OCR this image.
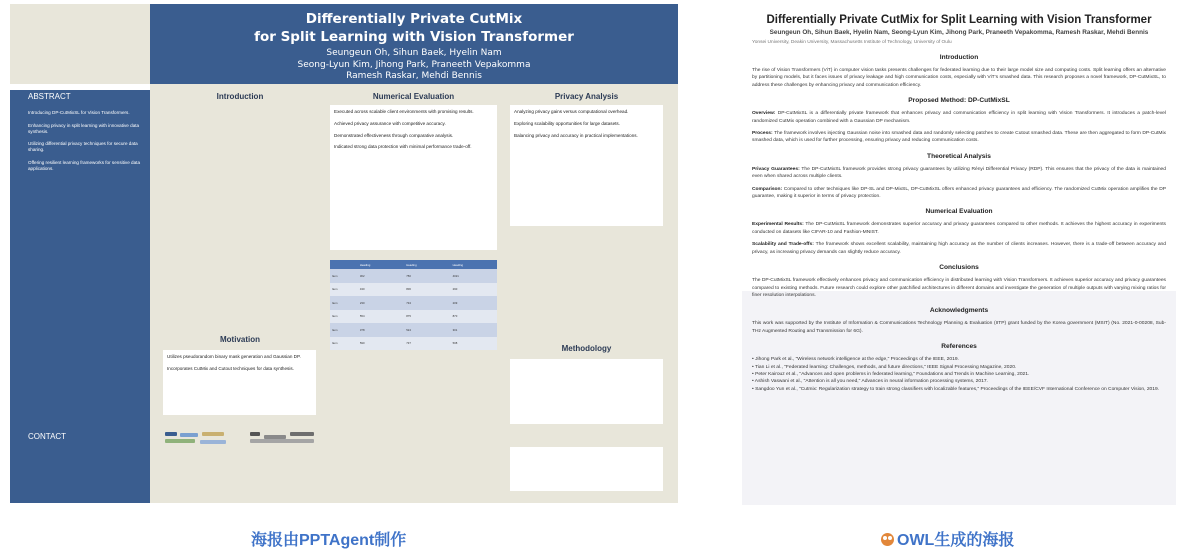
Differentially Private CutMix
for Split Learning with Vision Transformer
Seungeun Oh, Sihun Baek, Hyelin Nam
Seong-Lyun Kim, Jihong Park, Praneeth Vepakomma
Ramesh Raskar, Mehdi Bennis
ABSTRACT
Introducing DP-CutMixSL for Vision Transformers.
Enhancing privacy in split learning with innovative data synthesis.
Utilizing differential privacy techniques for secure data sharing.
Offering resilient learning frameworks for sensitive data applications.
CONTACT
Introduction	Numerical Evaluation	Privacy Analysis
Motivation
Methodology

Executed across scalable client environments with promising results.

Achieved privacy assurance with competitive accuracy.

Demonstrated effectiveness through comparative analysis.

Indicated strong data protection with minimal performance trade-off.

Analyzing privacy gains versus computational overhead.

Exploring scalability opportunities for large datasets.

Balancing privacy and accuracy in practical implementations.

	Heading	Heading	Heading
Item	302	750	4021
Item	430	806	290
Item	230	734	209
Item	554	875	870
Item	378	524	301
Item	590	737	508

Utilizes pseudorandom binary mask generation and Gaussian DP.

Incorporates CutMix and Cutout techniques for data synthesis.

Differentially Private CutMix for Split Learning with Vision Transformer
Seungeun Oh, Sihun Baek, Hyelin Nam, Seong-Lyun Kim, Jihong Park, Praneeth Vepakomma, Ramesh Raskar, Mehdi Bennis
Yonsei University, Deakin University, Massachusetts Institute of Technology, University of Oulu
Introduction

The rise of Vision Transformers (ViT) in computer vision tasks presents challenges for federated learning due to their large model size and computing costs. Split learning offers an alternative by partitioning models, but it faces issues of privacy leakage and high communication costs, especially with ViT's smashed data. This research proposes a novel framework, DP-CutMixSL, to address these challenges by enhancing privacy and communication efficiency.

Proposed Method: DP-CutMixSL

Overview: DP-CutMixSL is a differentially private framework that enhances privacy and communication efficiency in split learning with Vision Transformers. It introduces a patch-level randomized CutMix operation combined with a Gaussian DP mechanism.

Process: The framework involves injecting Gaussian noise into smashed data and randomly selecting patches to create Cutout smashed data. These are then aggregated to form DP-CutMix smashed data, which is used for further processing, ensuring privacy and reducing communication costs.

Theoretical Analysis

Privacy Guarantees: The DP-CutMixSL framework provides strong privacy guarantees by utilizing Rényi Differential Privacy (RDP). This ensures that the privacy of the data is maintained even when shared across multiple clients.

Comparison: Compared to other techniques like DP-SL and DP-MixSL, DP-CutMixSL offers enhanced privacy guarantees and efficiency. The randomized CutMix operation amplifies the DP guarantee, making it superior in terms of privacy protection.

Numerical Evaluation

Experimental Results: The DP-CutMixSL framework demonstrates superior accuracy and privacy guarantees compared to other methods. It achieves the highest accuracy in experiments conducted on datasets like CIFAR-10 and Fashion-MNIST.

Scalability and Trade-offs: The framework shows excellent scalability, maintaining high accuracy as the number of clients increases. However, there is a trade-off between accuracy and privacy, as increasing privacy demands can slightly reduce accuracy.

Conclusions

The DP-CutMixSL framework effectively enhances privacy and communication efficiency in distributed learning with Vision Transformers. It achieves superior accuracy and privacy guarantees compared to existing methods. Future research could explore other patchified architectures in different domains and investigate the generation of multiple outputs with varying mixing ratios for finer resolution interpolations.

Acknowledgments

This work was supported by the Institute of Information & Communications Technology Planning & Evaluation (IITP) grant funded by the Korea government (MSIT) (No. 2021-0-00208, Sub-THz Augmented Routing and Transmission for 6G).

References
• Jihong Park et al., "Wireless network intelligence at the edge," Proceedings of the IEEE, 2019.
• Tian Li et al., "Federated learning: Challenges, methods, and future directions," IEEE Signal Processing Magazine, 2020.
• Peter Kairouz et al., "Advances and open problems in federated learning," Foundations and Trends in Machine Learning, 2021.
• Ashish Vaswani et al., "Attention is all you need," Advances in neural information processing systems, 2017.
• Sangdoo Yun et al., "Cutmix: Regularization strategy to train strong classifiers with localizable features," Proceedings of the IEEE/CVF International Conference on Computer Vision, 2019.
海报由PPTAgent制作	OWL生成的海报
